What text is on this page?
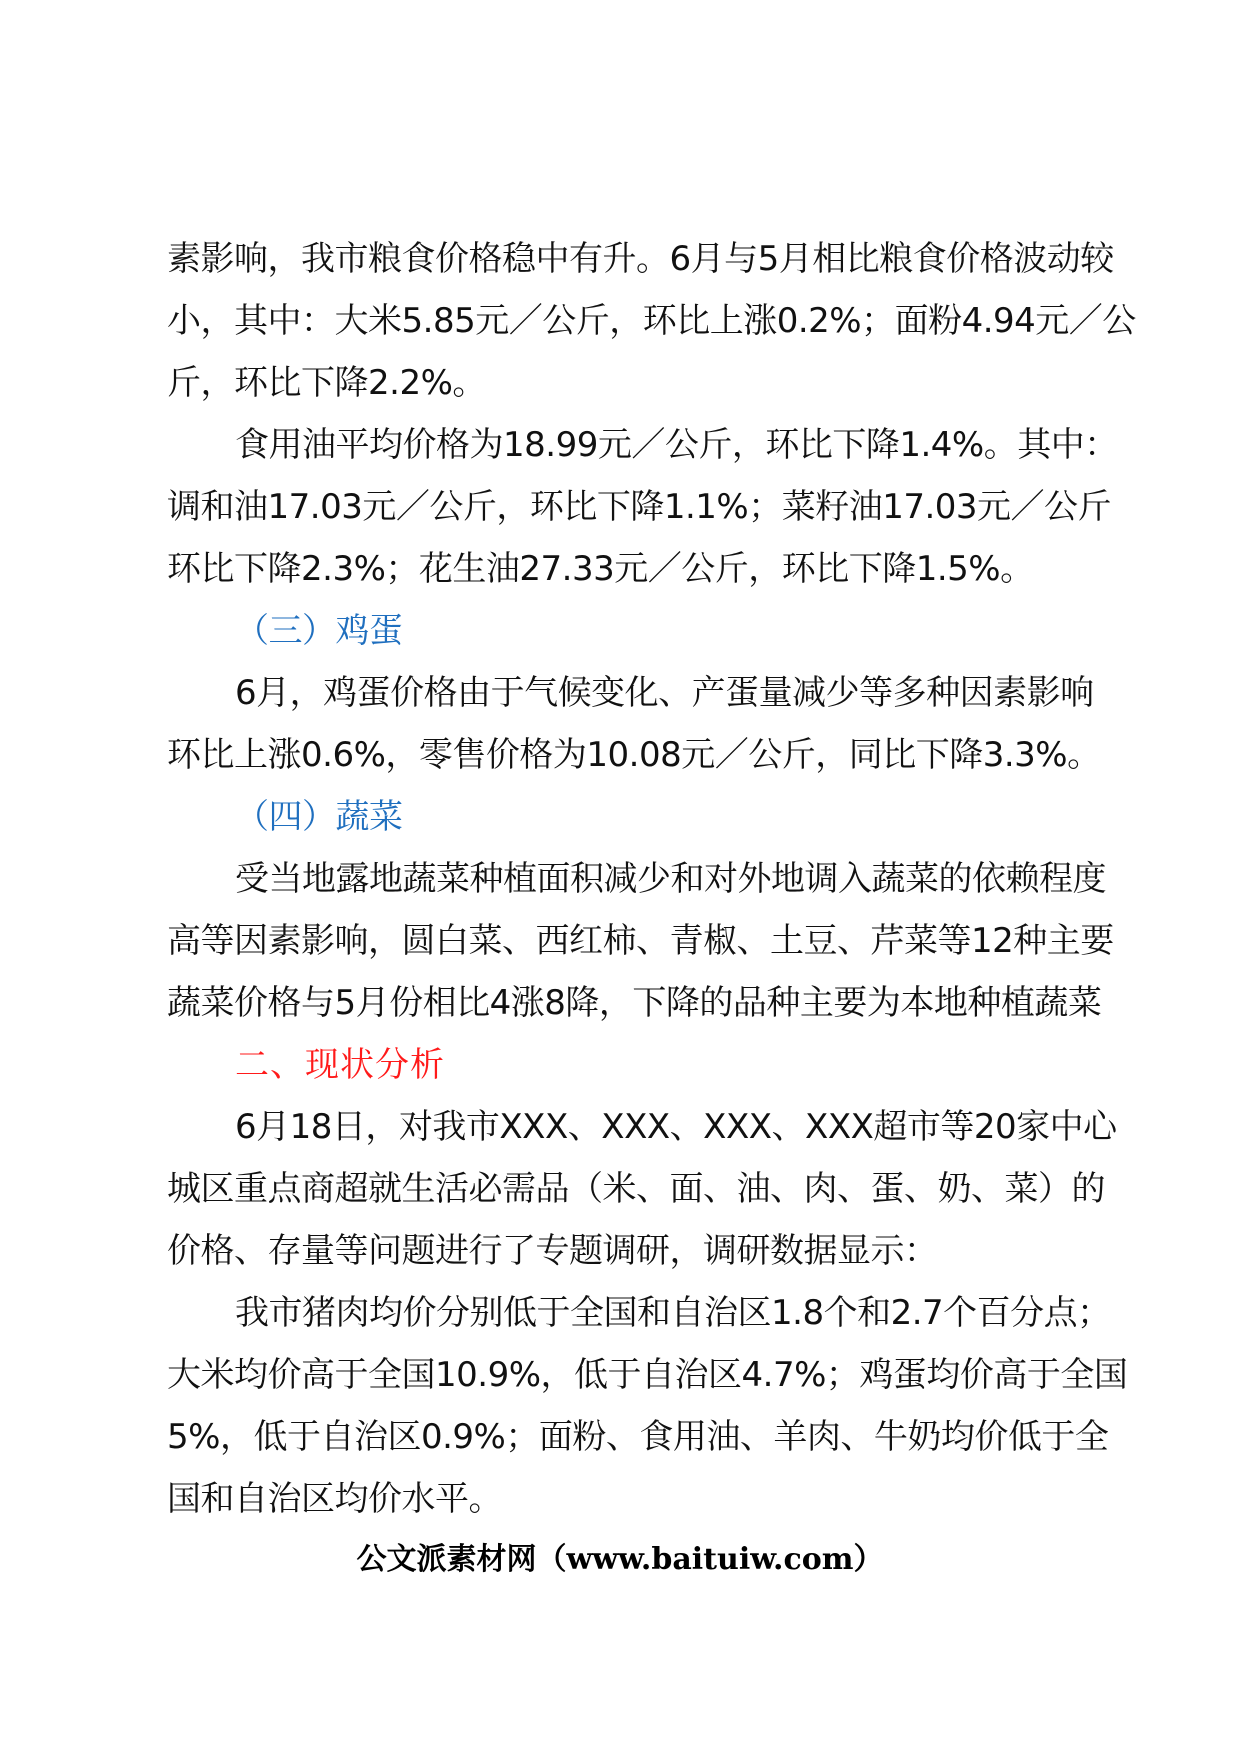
素影响，我市粮食价格稳中有升。6月与5月相比粮食价格波动较
小，其中：大米5.85元／公斤，环比上涨0.2%；面粉4.94元／公
斤，环比下降2.2%。
食用油平均价格为18.99元／公斤，环比下降1.4%。其中：
调和油17.03元／公斤，环比下降1.1%；菜籽油17.03元／公斤
环比下降2.3%；花生油27.33元／公斤，环比下降1.5%。
（三）鸡蛋
6月，鸡蛋价格由于气候变化、产蛋量减少等多种因素影响
环比上涨0.6%，零售价格为10.08元／公斤，同比下降3.3%。
（四）蔬菜
受当地露地蔬菜种植面积减少和对外地调入蔬菜的依赖程度
高等因素影响，圆白菜、西红柿、青椒、土豆、芹菜等12种主要
蔬菜价格与5月份相比4涨8降，下降的品种主要为本地种植蔬菜
二、现状分析
6月18日，对我市XXX、XXX、XXX、XXX超市等20家中心
城区重点商超就生活必需品（米、面、油、肉、蛋、奶、菜）的
价格、存量等问题进行了专题调研，调研数据显示：
我市猪肉均价分别低于全国和自治区1.8个和2.7个百分点；
大米均价高于全国10.9%，低于自治区4.7%；鸡蛋均价高于全国
5%，低于自治区0.9%；面粉、食用油、羊肉、牛奶均价低于全
国和自治区均价水平。
公文派素材网（www.baituiw.com）
